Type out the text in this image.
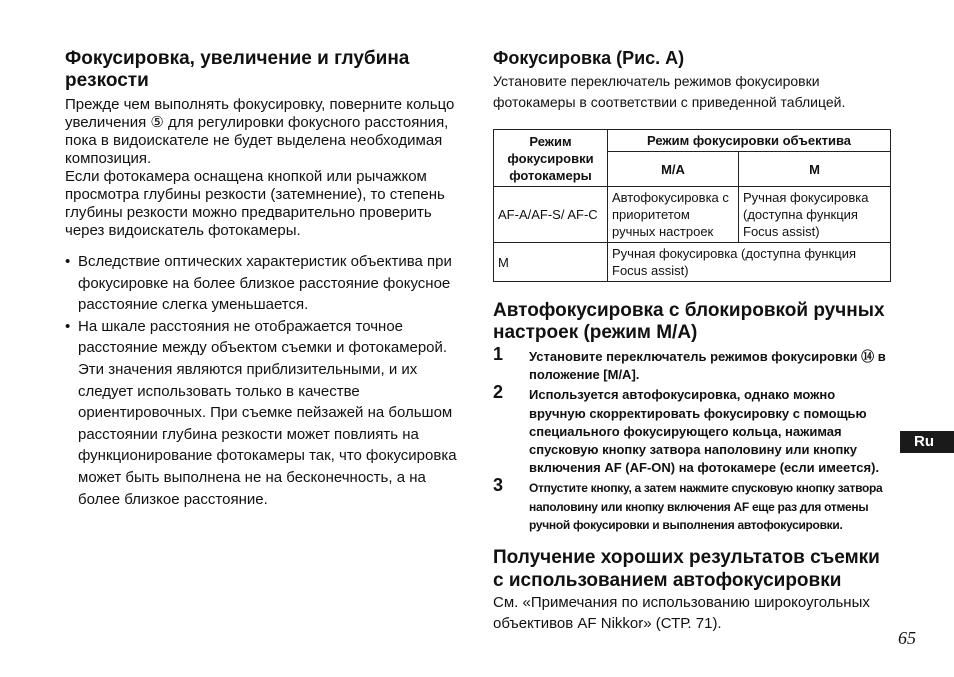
Фокусировка, увеличение и глубина резкости

Прежде чем выполнять фокусировку, поверните кольцо увеличения ⑤ для регулировки фокусного расстояния, пока в видоискателе не будет выделена необходимая композиция.

Если фотокамера оснащена кнопкой или рычажком просмотра глубины резкости (затемнение), то степень глубины резкости можно предварительно проверить через видоискатель фотокамеры.

• Вследствие оптических характеристик объектива при фокусировке на более близкое расстояние фокусное расстояние слегка уменьшается.
• На шкале расстояния не отображается точное расстояние между объектом съемки и фотокамерой. Эти значения являются приблизительными, и их следует использовать только в качестве ориентировочных. При съемке пейзажей на большом расстоянии глубина резкости может повлиять на функционирование фотокамеры так, что фокусировка может быть выполнена не на бесконечность, а на более близкое расстояние.
Фокусировка (Рис. A)

Установите переключатель режимов фокусировки фотокамеры в соответствии с приведенной таблицей.

Режим фокусировки фотокамеры	Режим фокусировки объектива	
	M/A	M
AF-A/AF-S/ AF-C	Автофокусировка с приоритетом ручных настроек	Ручная фокусировка (доступна функция Focus assist)
M	Ручная фокусировка (доступна функция Focus assist)	
Автофокусировка с блокировкой ручных настроек (режим M/A)
1 Установите переключатель режимов фокусировки ⑭ в положение [M/A].
2 Используется автофокусировка, однако можно вручную скорректировать фокусировку с помощью специального фокусирующего кольца, нажимая спусковую кнопку затвора наполовину или кнопку включения AF (AF-ON) на фотокамере (если имеется).
3 Отпустите кнопку, а затем нажмите спусковую кнопку затвора наполовину или кнопку включения AF еще раз для отмены ручной фокусировки и выполнения автофокусировки.
Получение хороших результатов съемки с использованием автофокусировки

См. «Примечания по использованию широкоугольных объективов AF Nikkor» (СТР. 71).

Ru
65
